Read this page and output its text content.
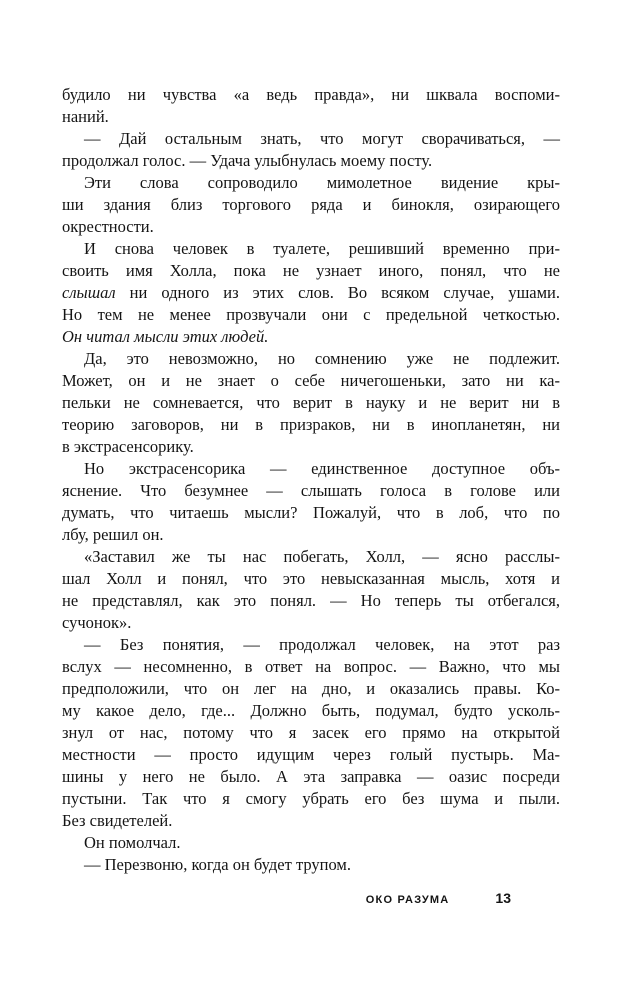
будило ни чувства «а ведь правда», ни шквала воспоми-
наний.

— Дай остальным знать, что могут сворачиваться, —
продолжал голос. — Удача улыбнулась моему посту.

Эти слова сопроводило мимолетное видение кры-
ши здания близ торгового ряда и бинокля, озирающего
окрестности.

И снова человек в туалете, решивший временно при-
своить имя Холла, пока не узнает иного, понял, что не
слышал ни одного из этих слов. Во всяком случае, ушами.
Но тем не менее прозвучали они с предельной четкостью.
Он читал мысли этих людей.

Да, это невозможно, но сомнению уже не подлежит.
Может, он и не знает о себе ничегошеньки, зато ни ка-
пельки не сомневается, что верит в науку и не верит ни в
теорию заговоров, ни в призраков, ни в инопланетян, ни
в экстрасенсорику.

Но экстрасенсорика — единственное доступное объ-
яснение. Что безумнее — слышать голоса в голове или
думать, что читаешь мысли? Пожалуй, что в лоб, что по
лбу, решил он.

«Заставил же ты нас побегать, Холл, — ясно расслы-
шал Холл и понял, что это невысказанная мысль, хотя и
не представлял, как это понял. — Но теперь ты отбегался,
сучонок».

— Без понятия, — продолжал человек, на этот раз
вслух — несомненно, в ответ на вопрос. — Важно, что мы
предположили, что он лег на дно, и оказались правы. Ко-
му какое дело, где... Должно быть, подумал, будто усколь-
знул от нас, потому что я засек его прямо на открытой
местности — просто идущим через голый пустырь. Ма-
шины у него не было. А эта заправка — оазис посреди
пустыни. Так что я смогу убрать его без шума и пыли.
Без свидетелей.

Он помолчал.

— Перезвоню, когда он будет трупом.

ОКО РАЗУМА	13
